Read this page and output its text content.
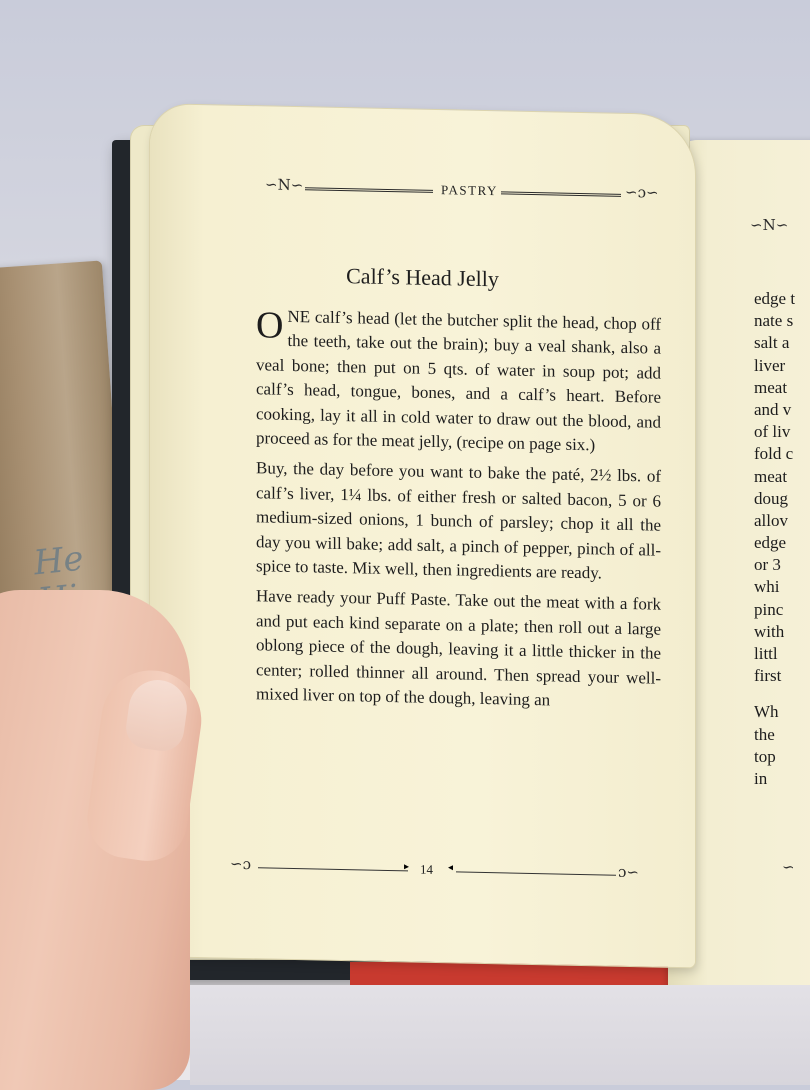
He

∽N∽
edge t
nate s
salt a
liver
meat
and v
of liv
fold c
meat
doug
allov
edge
or 3
whi
pinc
with
littl
first
Wh
the
top
in
∽
∽N∽	PASTRY	∽ɔ∽
Calf’s Head Jelly

ONE calf’s head (let the butcher split the head, chop off the teeth, take out the brain); buy a veal shank, also a veal bone; then put on 5 qts. of water in soup pot; add calf’s head, tongue, bones, and a calf’s heart. Before cooking, lay it all in cold water to draw out the blood, and proceed as for the meat jelly, (recipe on page six.)

Buy, the day before you want to bake the paté, 2½ lbs. of calf’s liver, 1¼ lbs. of either fresh or salted bacon, 5 or 6 medium-sized onions, 1 bunch of parsley; chop it all the day you will bake; add salt, a pinch of pepper, pinch of all-spice to taste. Mix well, then ingredients are ready.

Have ready your Puff Paste. Take out the meat with a fork and put each kind separate on a plate; then roll out a large oblong piece of the dough, leaving it a little thicker in the center; rolled thinner all around. Then spread your well-mixed liver on top of the dough, leaving an

∽ɔ	▸ 14 ◂	ɔ∽
